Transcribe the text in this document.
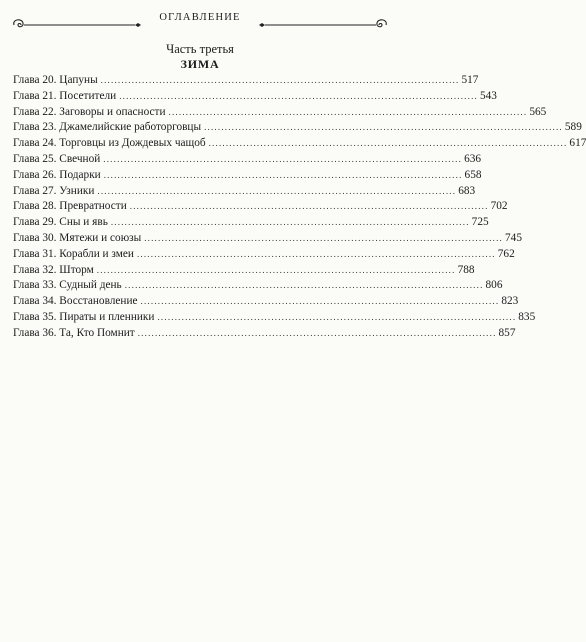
ОГЛАВЛЕНИЕ
Часть третья
ЗИМА
Глава 20. Цапуны ........................................................................................................ 517
Глава 21. Посетители ........................................................................................................ 543
Глава 22. Заговоры и опасности ........................................................................................................ 565
Глава 23. Джамелийские работорговцы ........................................................................................................ 589
Глава 24. Торговцы из Дождевых чащоб ........................................................................................................ 617
Глава 25. Свечной ........................................................................................................ 636
Глава 26. Подарки ........................................................................................................ 658
Глава 27. Узники ........................................................................................................ 683
Глава 28. Превратности ........................................................................................................ 702
Глава 29. Сны и явь ........................................................................................................ 725
Глава 30. Мятежи и союзы ........................................................................................................ 745
Глава 31. Корабли и змеи ........................................................................................................ 762
Глава 32. Шторм ........................................................................................................ 788
Глава 33. Судный день ........................................................................................................ 806
Глава 34. Восстановление ........................................................................................................ 823
Глава 35. Пираты и пленники ........................................................................................................ 835
Глава 36. Та, Кто Помнит ........................................................................................................ 857
